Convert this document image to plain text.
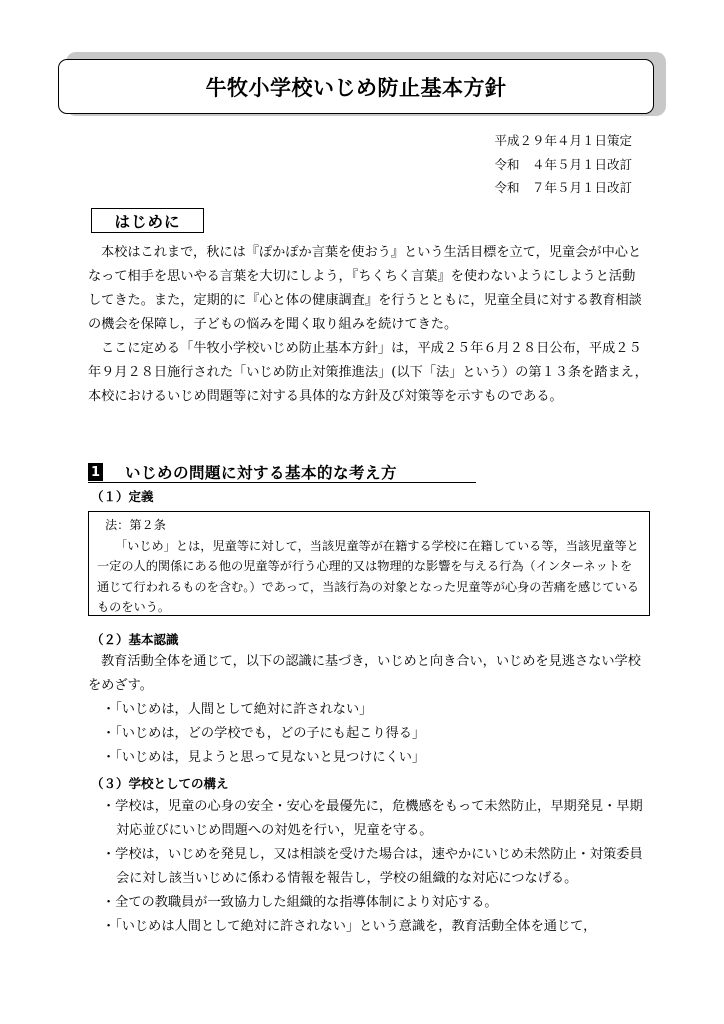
牛牧小学校いじめ防止基本方針
平成２９年４月１日策定
令和　４年５月１日改訂
令和　７年５月１日改訂
はじめに

本校はこれまで，秋には『ぽかぽか言葉を使おう』という生活目標を立て，児童会が中心となって相手を思いやる言葉を大切にしよう，『ちくちく言葉』を使わないようにしようと活動してきた。また，定期的に『心と体の健康調査』を行うとともに，児童全員に対する教育相談の機会を保障し，子どもの悩みを聞く取り組みを続けてきた。

ここに定める「牛牧小学校いじめ防止基本方針」は，平成２５年６月２８日公布，平成２５年９月２８日施行された「いじめ防止対策推進法」(以下「法」という）の第１３条を踏まえ，本校におけるいじめ問題等に対する具体的な方針及び対策等を示すものである。

1 いじめの問題に対する基本的な考え方
（１）定義
法：第２条

「いじめ」とは，児童等に対して，当該児童等が在籍する学校に在籍している等，当該児童等と一定の人的関係にある他の児童等が行う心理的又は物理的な影響を与える行為（インターネットを通じて行われるものを含む。）であって，当該行為の対象となった児童等が心身の苦痛を感じているものをいう。

（２）基本認識

教育活動全体を通じて，以下の認識に基づき，いじめと向き合い，いじめを見逃さない学校をめざす。

・「いじめは，人間として絶対に許されない」
・「いじめは，どの学校でも，どの子にも起こり得る」
・「いじめは，見ようと思って見ないと見つけにくい」
（３）学校としての構え
・学校は，児童の心身の安全・安心を最優先に，危機感をもって未然防止，早期発見・早期対応並びにいじめ問題への対処を行い，児童を守る。
・学校は，いじめを発見し，又は相談を受けた場合は，速やかにいじめ未然防止・対策委員会に対し該当いじめに係わる情報を報告し，学校の組織的な対応につなげる。
・全ての教職員が一致協力した組織的な指導体制により対応する。
・「いじめは人間として絶対に許されない」という意識を，教育活動全体を通じて，
